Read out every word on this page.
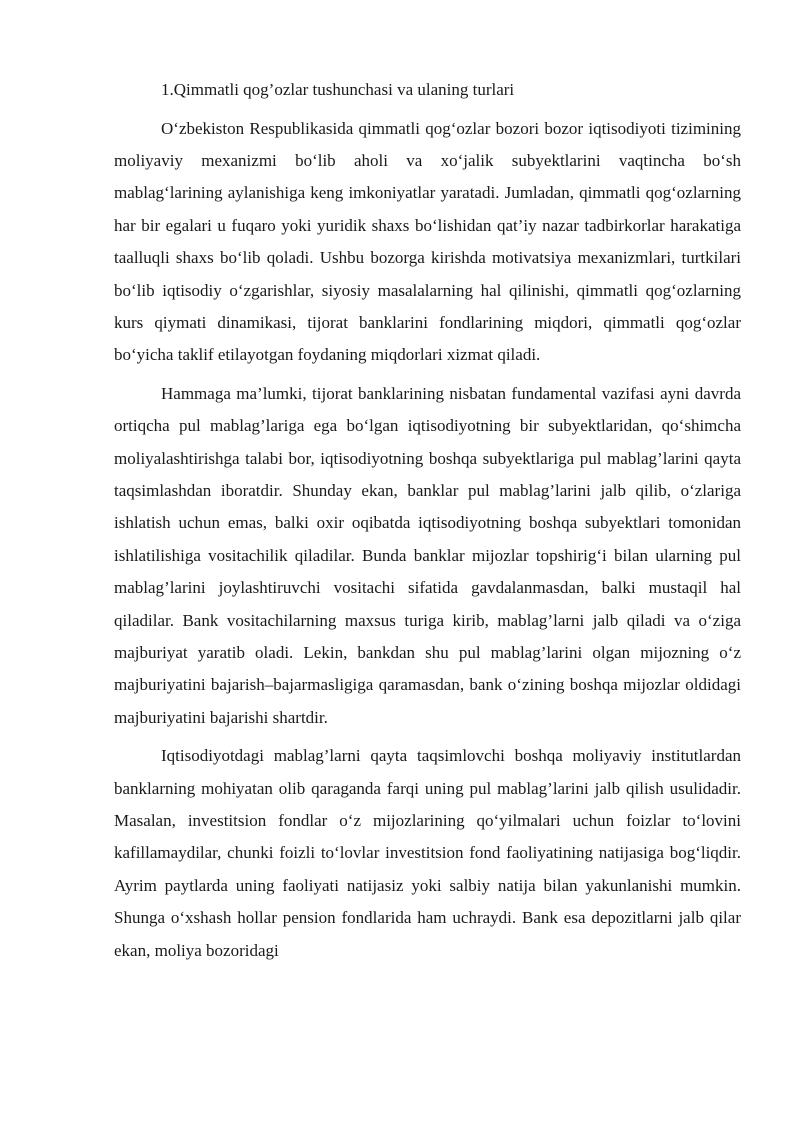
1.Qimmatli qog’ozlar tushunchasi va ulaning turlari

O‘zbekiston Respublikasida qimmatli qog‘ozlar bozori bozor iqtisodiyoti tizimining moliyaviy mexanizmi bo‘lib aholi va xo‘jalik subyektlarini vaqtincha bo‘sh mablag‘larining aylanishiga keng imkoniyatlar yaratadi. Jumladan, qimmatli qog‘ozlarning har bir egalari u fuqaro yoki yuridik shaxs bo‘lishidan qat’iy nazar tadbirkorlar harakatiga taalluqli shaxs bo‘lib qoladi. Ushbu bozorga kirishda motivatsiya mexanizmlari, turtkilari bo‘lib iqtisodiy o‘zgarishlar, siyosiy masalalarning hal qilinishi, qimmatli qog‘ozlarning kurs qiymati dinamikasi, tijorat banklarini fondlarining miqdori, qimmatli qog‘ozlar bo‘yicha taklif etilayotgan foydaning miqdorlari xizmat qiladi.

Hammaga ma’lumki, tijorat banklarining nisbatan fundamental vazifasi ayni davrda ortiqcha pul mablag’lariga ega bo‘lgan iqtisodiyotning bir subyektlaridan, qo‘shimcha moliyalashtirishga talabi bor, iqtisodiyotning boshqa subyektlariga pul mablag’larini qayta taqsimlashdan iboratdir. Shunday ekan, banklar pul mablag’larini jalb qilib, o‘zlariga ishlatish uchun emas, balki oxir oqibatda iqtisodiyotning boshqa subyektlari tomonidan ishlatilishiga vositachilik qiladilar. Bunda banklar mijozlar topshirig‘i bilan ularning pul mablag’larini joylashtiruvchi vositachi sifatida gavdalanmasdan, balki mustaqil hal qiladilar. Bank vositachilarning maxsus turiga kirib, mablag’larni jalb qiladi va o‘ziga majburiyat yaratib oladi. Lekin, bankdan shu pul mablag’larini olgan mijozning o‘z majburiyatini bajarish–bajarmasligiga qaramasdan, bank o‘zining boshqa mijozlar oldidagi majburiyatini bajarishi shartdir.

Iqtisodiyotdagi mablag’larni qayta taqsimlovchi boshqa moliyaviy institutlardan banklarning mohiyatan olib qaraganda farqi uning pul mablag’larini jalb qilish usulidadir. Masalan, investitsion fondlar o‘z mijozlarining qo‘yilmalari uchun foizlar to‘lovini kafillamaydilar, chunki foizli to‘lovlar investitsion fond faoliyatining natijasiga bog‘liqdir. Ayrim paytlarda uning faoliyati natijasiz yoki salbiy natija bilan yakunlanishi mumkin. Shunga o‘xshash hollar pension fondlarida ham uchraydi. Bank esa depozitlarni jalb qilar ekan, moliya bozoridagi
